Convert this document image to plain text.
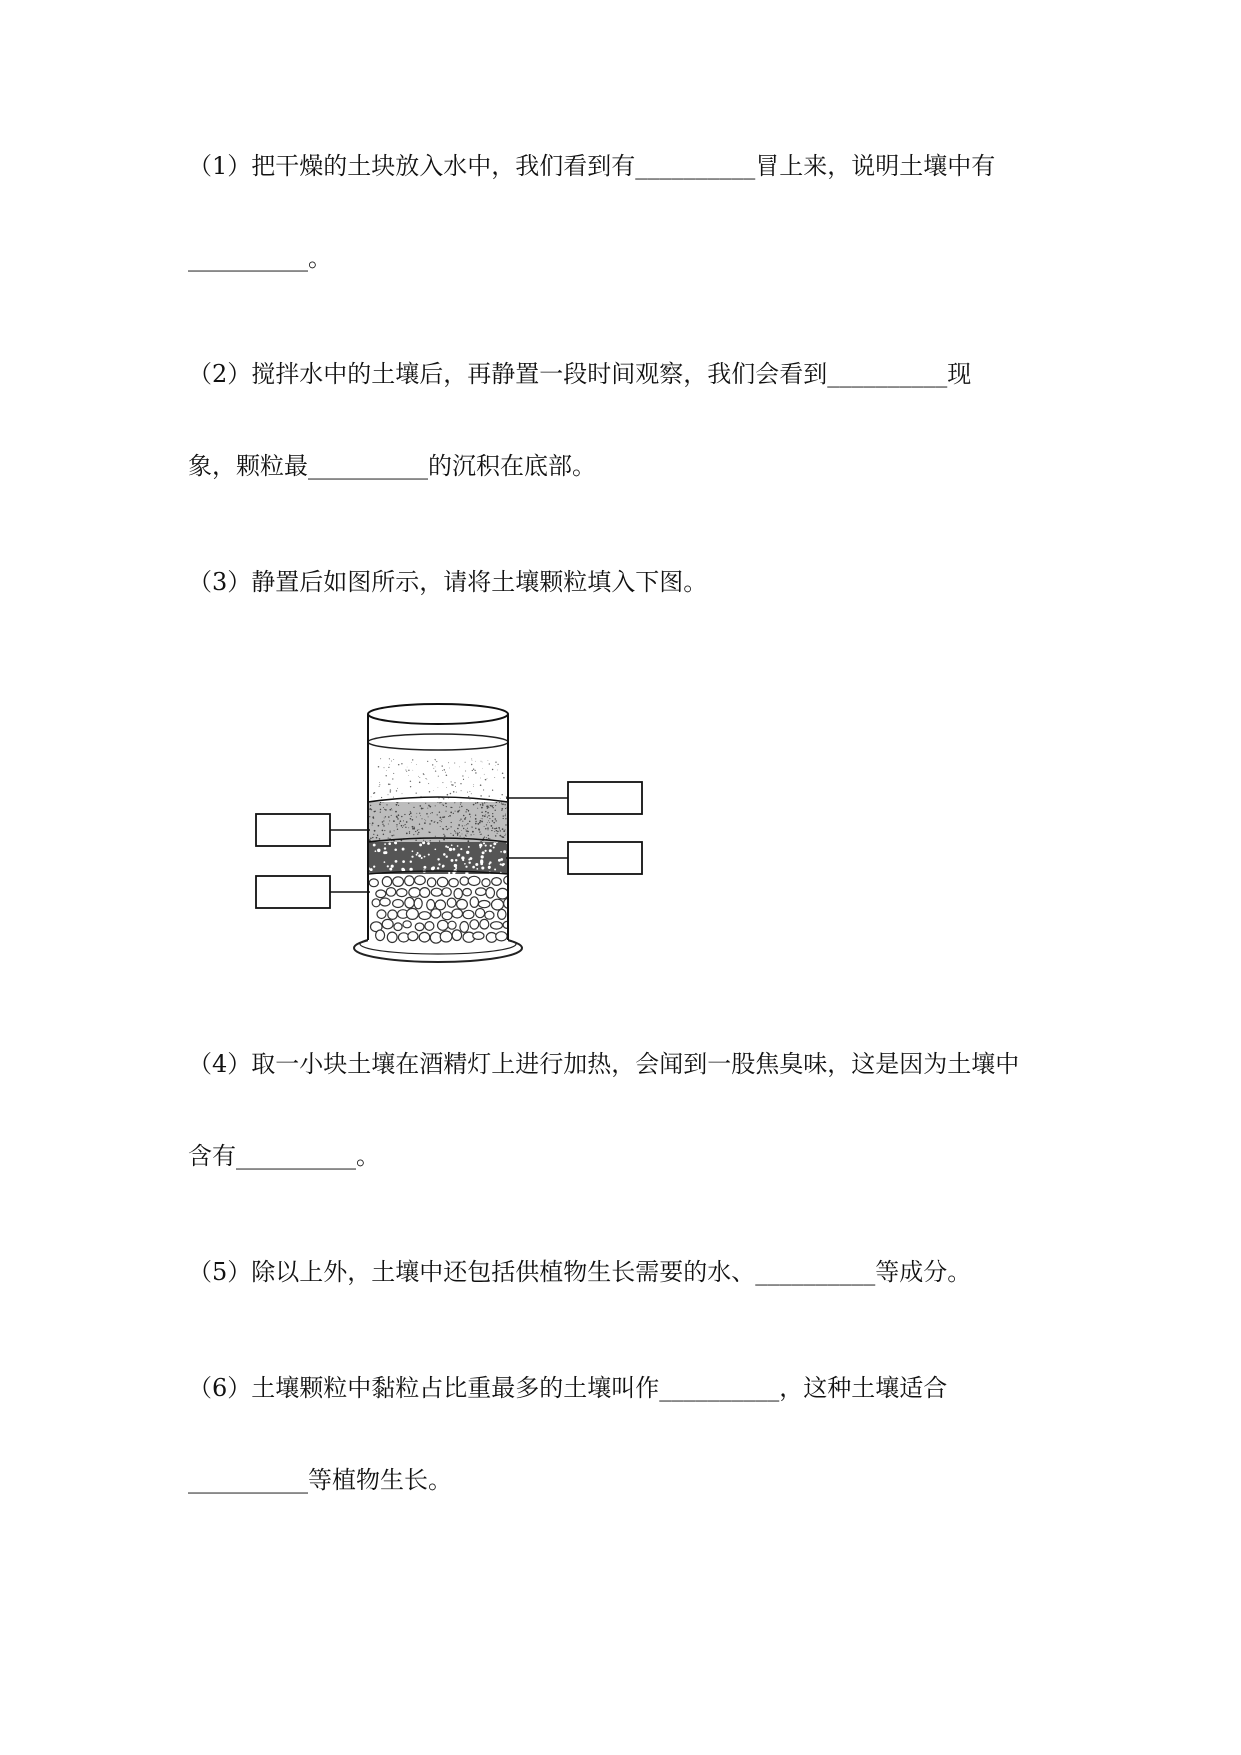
（1）把干燥的土块放入水中，我们看到有__________冒上来，说明土壤中有

__________。

（2）搅拌水中的土壤后，再静置一段时间观察，我们会看到__________现

象，颗粒最__________的沉积在底部。

（3）静置后如图所示，请将土壤颗粒填入下图。

（4）取一小块土壤在酒精灯上进行加热，会闻到一股焦臭味，这是因为土壤中

含有__________。

（5）除以上外，土壤中还包括供植物生长需要的水、__________等成分。

（6）土壤颗粒中黏粒占比重最多的土壤叫作__________，这种土壤适合

__________等植物生长。
